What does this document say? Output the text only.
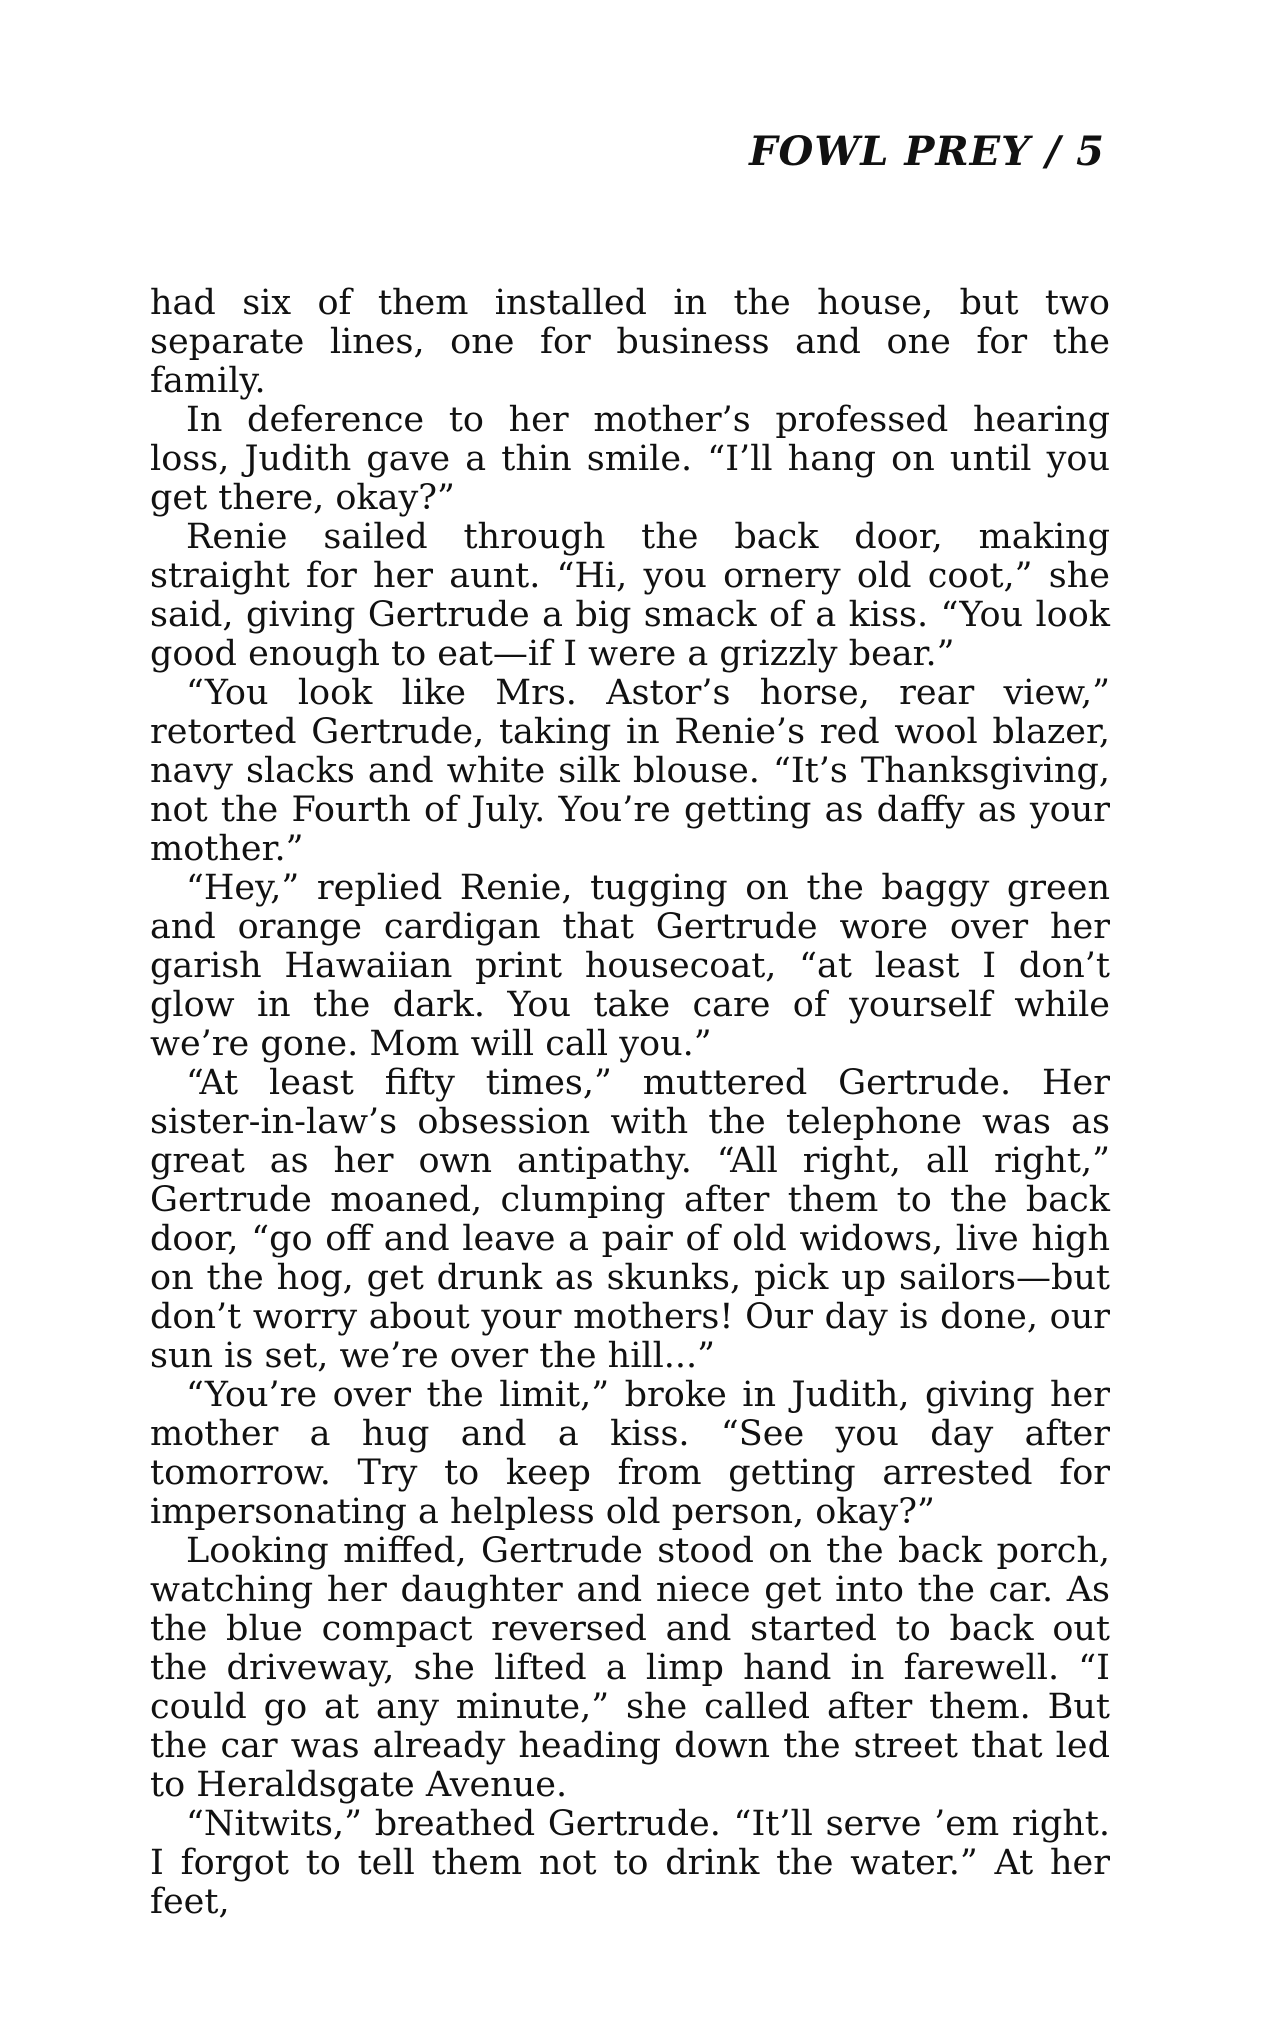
FOWL PREY / 5

had six of them installed in the house, but two separate lines, one for business and one for the family.

In deference to her mother’s professed hearing loss, Judith gave a thin smile. “I’ll hang on until you get there, okay?”

Renie sailed through the back door, making straight for her aunt. “Hi, you ornery old coot,” she said, giving Gertrude a big smack of a kiss. “You look good enough to eat—if I were a grizzly bear.”

“You look like Mrs. Astor’s horse, rear view,” retorted Gertrude, taking in Renie’s red wool blazer, navy slacks and white silk blouse. “It’s Thanksgiving, not the Fourth of July. You’re getting as daffy as your mother.”

“Hey,” replied Renie, tugging on the baggy green and orange cardigan that Gertrude wore over her garish Hawaiian print housecoat, “at least I don’t glow in the dark. You take care of yourself while we’re gone. Mom will call you.”

“At least fifty times,” muttered Gertrude. Her sister-in-law’s obsession with the telephone was as great as her own antipathy. “All right, all right,” Gertrude moaned, clumping after them to the back door, “go off and leave a pair of old widows, live high on the hog, get drunk as skunks, pick up sailors—but don’t worry about your mothers! Our day is done, our sun is set, we’re over the hill...”

“You’re over the limit,” broke in Judith, giving her mother a hug and a kiss. “See you day after tomorrow. Try to keep from getting arrested for impersonating a helpless old person, okay?”

Looking miffed, Gertrude stood on the back porch, watching her daughter and niece get into the car. As the blue compact reversed and started to back out the driveway, she lifted a limp hand in farewell. “I could go at any minute,” she called after them. But the car was already heading down the street that led to Heraldsgate Avenue.

“Nitwits,” breathed Gertrude. “It’ll serve ’em right. I forgot to tell them not to drink the water.” At her feet,
